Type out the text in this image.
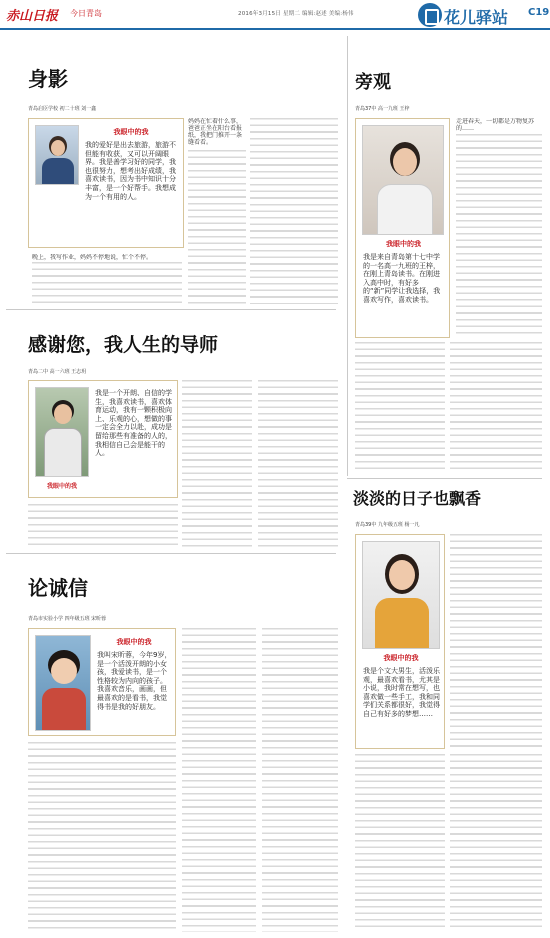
赤山日报 今日青岛	2016年3月15日 星期二 编辑:赵述 美编:杨伟	花儿驿站 C19
身影
青岛启臣学校 初二十班 刘一鑫
我眼中的我
我的爱好是出去旅游，旅游不但能有收获，又可以开阔眼界。我是善学习好的同学，我也很努力，想考出好成绩，我喜欢读书，因为书中知识十分丰富，是一个好帮手。我想成为一个有用的人。
晚上，我写作业，妈妈不停地说，忙个不停。
妈妈在忙着什么事，爸爸正坐在阳台看报纸，我把门推开一条缝看看。
旁观
青岛37中 高一九班 王梓
我眼中的我
我是来自青岛第十七中学的一名高一九班的王梓，在刚上青岛读书。在刚进入高中时，有好多的“新”同学让我选择，我喜欢写作，喜欢读书。
走进春天，一切都是万物复苏的……
感谢您，我人生的导师
青岛二中 高一六班 王志玥
我眼中的我
我是一个开朗、自信的学生，我喜欢读书，喜欢体育运动，我有一颗积极向上、乐观的心，想做的事一定会全力以赴，成功是留给那些有准备的人的，我相信自己会是能干的人。
淡淡的日子也飘香
青岛39中 九年级五班 杨一凡
我眼中的我
我是个文大男生，活泼乐观，最喜欢看书，尤其是小说，我时常在想写，也喜欢做一些手工，我和同学们关系都很好，我觉得自己有好多的梦想……
论诚信
青岛市实验小学 四年级五班 宋昕蓉
我眼中的我
我叫宋昕蓉，今年9岁，是一个活泼开朗的小女孩，我爱读书，是一个性格较为内向的孩子。我喜欢音乐，画画，但最喜欢的是看书，我觉得书是我的好朋友。
